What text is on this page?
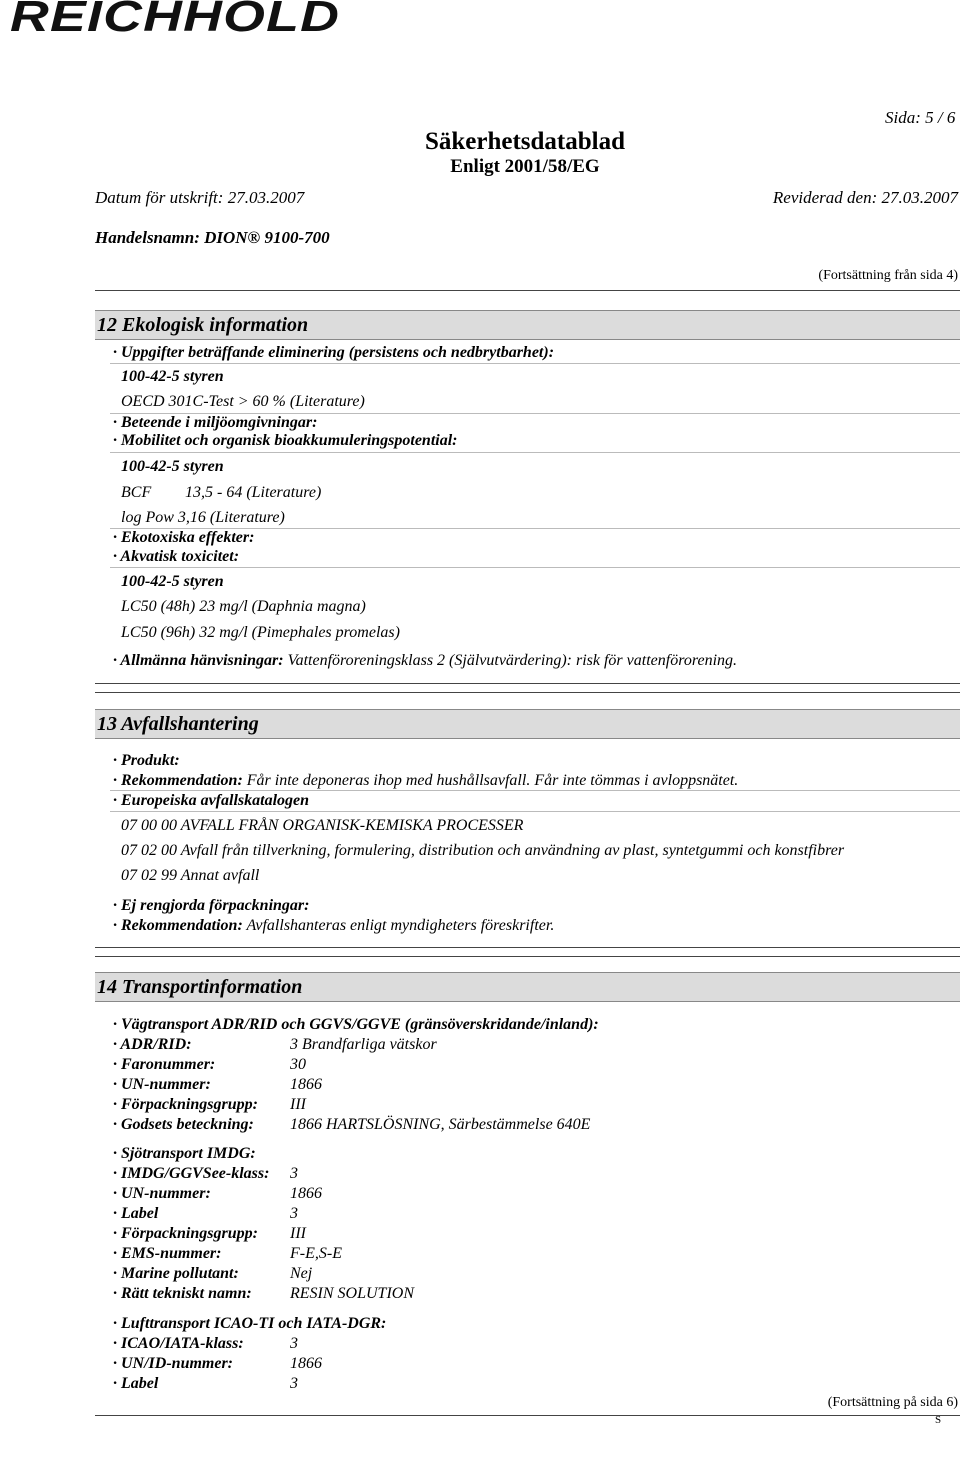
REICHHOLD
Sida: 5 / 6
Säkerhetsdatablad
Enligt 2001/58/EG
Datum för utskrift: 27.03.2007	Reviderad den: 27.03.2007
Handelsnamn: DION® 9100-700
(Fortsättning från sida 4)
12 Ekologisk information
· Uppgifter beträffande eliminering (persistens och nedbrytbarhet):
100-42-5 styren
OECD 301C-Test > 60 % (Literature)
· Beteende i miljöomgivningar:
· Mobilitet och organisk bioakkumuleringspotential:
100-42-5 styren
BCF 13,5 - 64 (Literature)
log Pow 3,16 (Literature)
· Ekotoxiska effekter:
· Akvatisk toxicitet:
100-42-5 styren
LC50 (48h) 23 mg/l (Daphnia magna)
LC50 (96h) 32 mg/l (Pimephales promelas)
· Allmänna hänvisningar: Vattenföroreningsklass 2 (Självutvärdering): risk för vattenförorening.
13 Avfallshantering
· Produkt:
· Rekommendation: Får inte deponeras ihop med hushållsavfall. Får inte tömmas i avloppsnätet.
· Europeiska avfallskatalogen
07 00 00 AVFALL FRÅN ORGANISK-KEMISKA PROCESSER
07 02 00 Avfall från tillverkning, formulering, distribution och användning av plast, syntetgummi och konstfibrer
07 02 99 Annat avfall
· Ej rengjorda förpackningar:
· Rekommendation: Avfallshanteras enligt myndigheters föreskrifter.
14 Transportinformation
· Vägtransport ADR/RID och GGVS/GGVE (gränsöverskridande/inland):
· ADR/RID:	3 Brandfarliga vätskor
· Faronummer:	30
· UN-nummer:	1866
· Förpackningsgrupp: III
· Godsets beteckning: 1866 HARTSLÖSNING, Särbestämmelse 640E
· Sjötransport IMDG:
· IMDG/GGVSee-klass: 3
· UN-nummer:	1866
· Label	3
· Förpackningsgrupp: III
· EMS-nummer:	F-E,S-E
· Marine pollutant:	Nej
· Rätt tekniskt namn: RESIN SOLUTION
· Lufttransport ICAO-TI och IATA-DGR:
· ICAO/IATA-klass:	3
· UN/ID-nummer:	1866
· Label	3
(Fortsättning på sida 6)
S
